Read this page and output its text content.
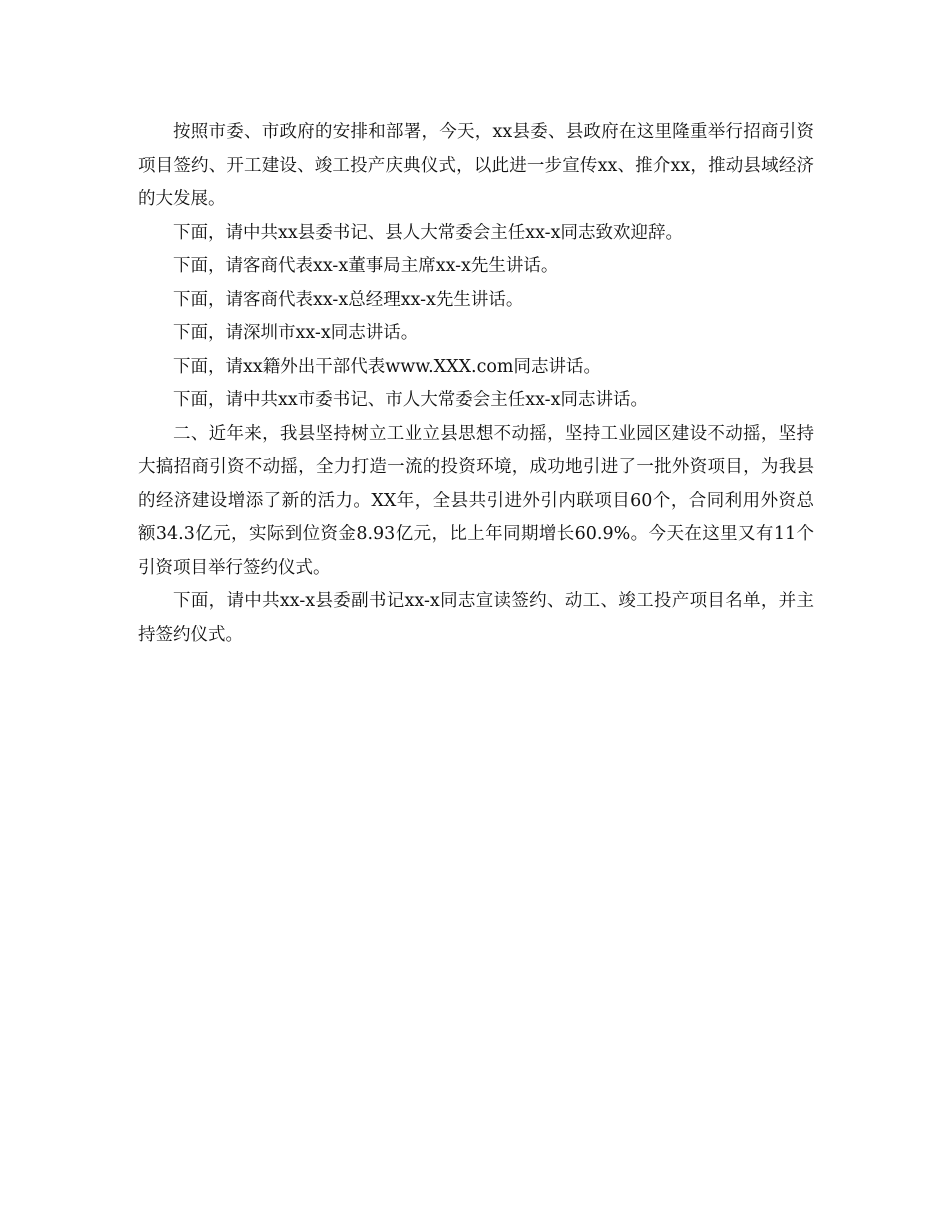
按照市委、市政府的安排和部署，今天，xx县委、县政府在这里隆重举行招商引资项目签约、开工建设、竣工投产庆典仪式，以此进一步宣传xx、推介xx，推动县域经济的大发展。

下面，请中共xx县委书记、县人大常委会主任xx-x同志致欢迎辞。

下面，请客商代表xx-x董事局主席xx-x先生讲话。

下面，请客商代表xx-x总经理xx-x先生讲话。

下面，请深圳市xx-x同志讲话。

下面，请xx籍外出干部代表www.XXX.com同志讲话。

下面，请中共xx市委书记、市人大常委会主任xx-x同志讲话。

二、近年来，我县坚持树立工业立县思想不动摇，坚持工业园区建设不动摇，坚持大搞招商引资不动摇，全力打造一流的投资环境，成功地引进了一批外资项目，为我县的经济建设增添了新的活力。XX年，全县共引进外引内联项目60个，合同利用外资总额34.3亿元，实际到位资金8.93亿元，比上年同期增长60.9%。今天在这里又有11个引资项目举行签约仪式。

下面，请中共xx-x县委副书记xx-x同志宣读签约、动工、竣工投产项目名单，并主持签约仪式。
